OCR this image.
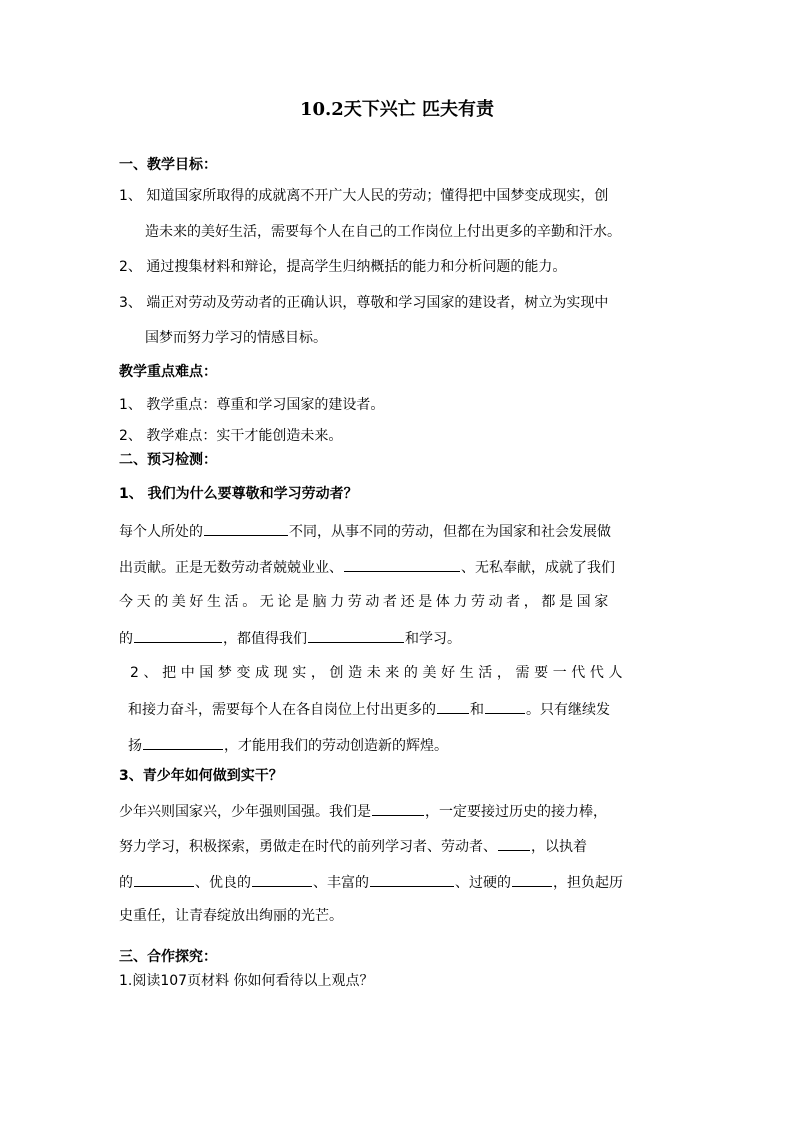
10.2天下兴亡 匹夫有责
一、教学目标：
1、 知道国家所取得的成就离不开广大人民的劳动；懂得把中国梦变成现实，创
造未来的美好生活，需要每个人在自己的工作岗位上付出更多的辛勤和汗水。
2、 通过搜集材料和辩论，提高学生归纳概括的能力和分析问题的能力。
3、 端正对劳动及劳动者的正确认识，尊敬和学习国家的建设者，树立为实现中
国梦而努力学习的情感目标。
教学重点难点：
1、 教学重点：尊重和学习国家的建设者。
2、 教学难点：实干才能创造未来。
二、预习检测：
1、 我们为什么要尊敬和学习劳动者？
每个人所处的	不同，从事不同的劳动，但都在为国家和社会发展做
出贡献。正是无数劳动者兢兢业业、	、无私奉献，成就了我们
今天的美好生活。无论是脑力劳动者还是体力劳动者，都是国家
的	，都值得我们	和学习。
2、把中国梦变成现实，创造未来的美好生活，需要一代代人
和接力奋斗，需要每个人在各自岗位上付出更多的 和	。只有继续发
扬	，才能用我们的劳动创造新的辉煌。
3、青少年如何做到实干？
少年兴则国家兴，少年强则国强。我们是	，一定要接过历史的接力棒，
努力学习，积极探索，勇做走在时代的前列学习者、劳动者、 ，以执着
的	、优良的	、丰富的	、过硬的	，担负起历
史重任，让青春绽放出绚丽的光芒。
三、合作探究：
1.阅读107页材料 你如何看待以上观点？
